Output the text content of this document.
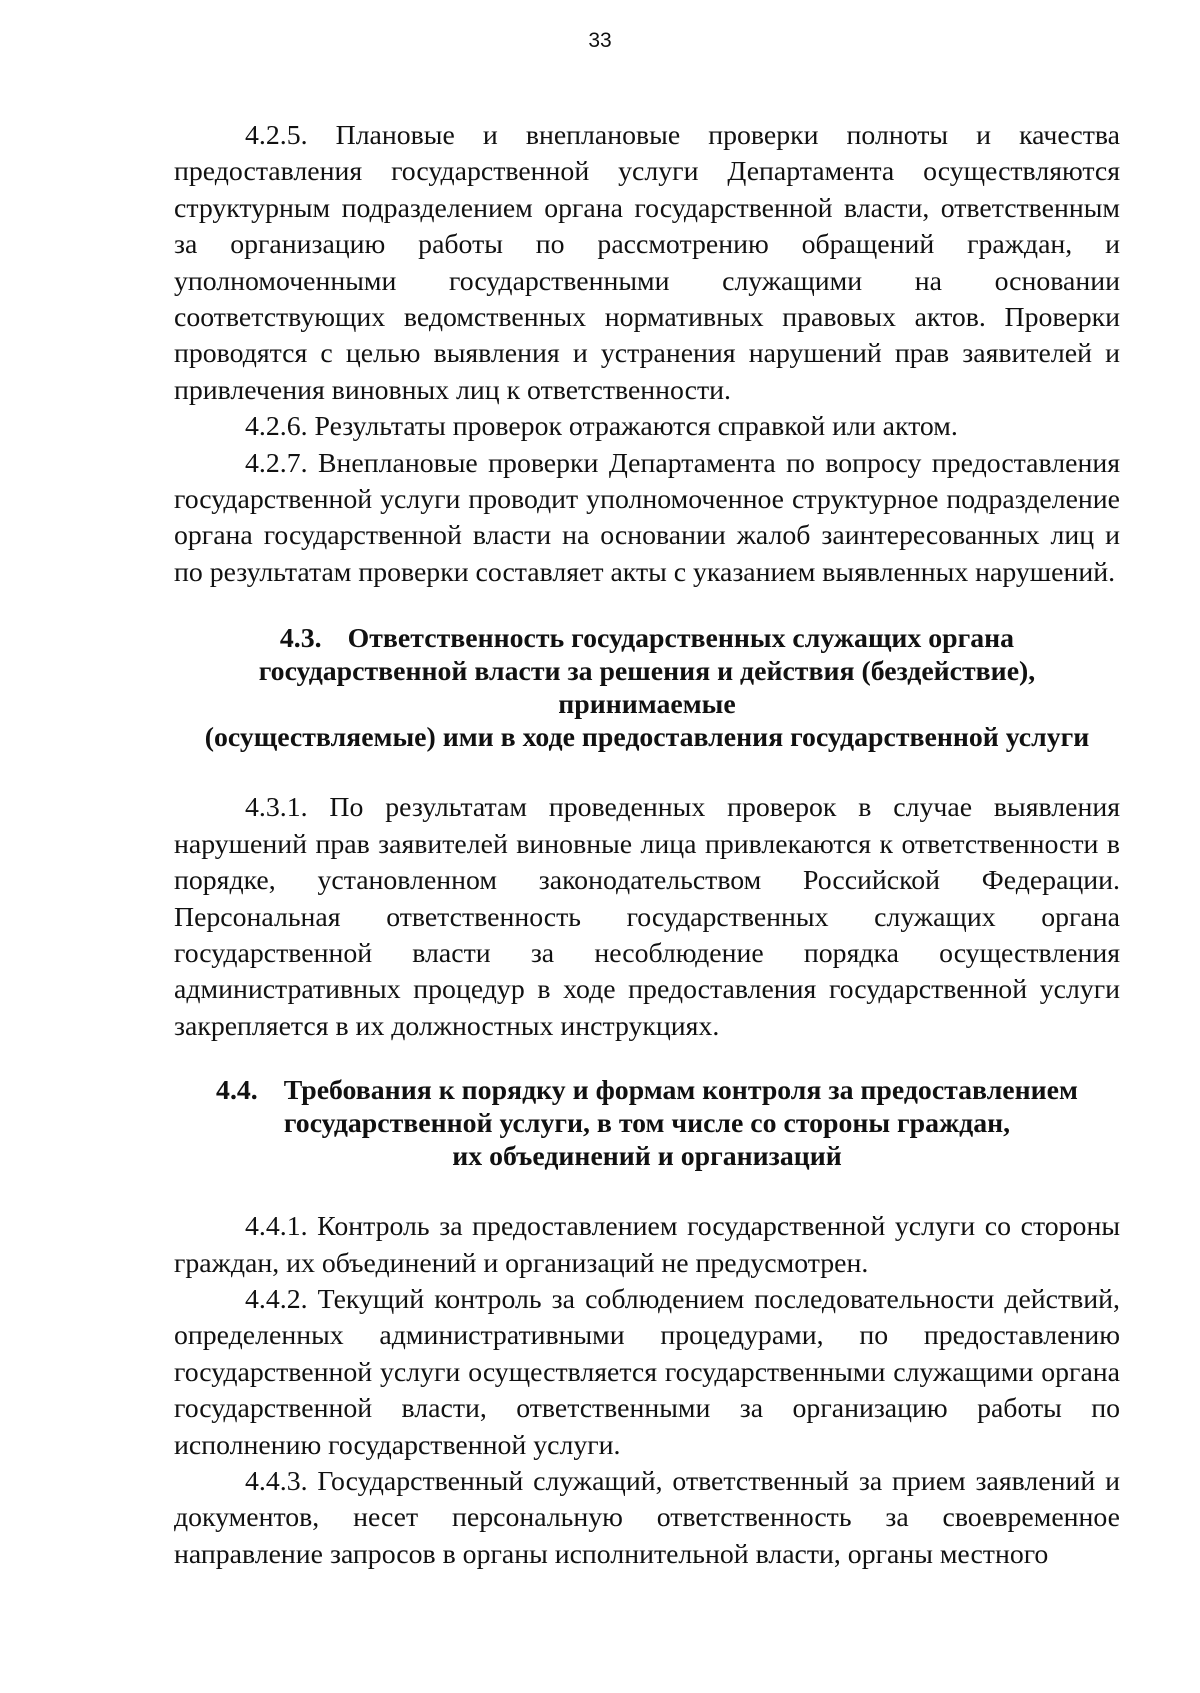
33

4.2.5. Плановые и внеплановые проверки полноты и качества предоставления государственной услуги Департамента осуществляются структурным подразделением органа государственной власти, ответственным за организацию работы по рассмотрению обращений граждан, и уполномоченными государственными служащими на основании соответствующих ведомственных нормативных правовых актов. Проверки проводятся с целью выявления и устранения нарушений прав заявителей и привлечения виновных лиц к ответственности.

4.2.6. Результаты проверок отражаются справкой или актом.

4.2.7. Внеплановые проверки Департамента по вопросу предоставления государственной услуги проводит уполномоченное структурное подразделение органа государственной власти на основании жалоб заинтересованных лиц и по результатам проверки составляет акты с указанием выявленных нарушений.

4.3. Ответственность государственных служащих органа
государственной власти за решения и действия (бездействие), принимаемые
(осуществляемые) ими в ходе предоставления государственной услуги

4.3.1. По результатам проведенных проверок в случае выявления нарушений прав заявителей виновные лица привлекаются к ответственности в порядке, установленном законодательством Российской Федерации. Персональная ответственность государственных служащих органа государственной власти за несоблюдение порядка осуществления административных процедур в ходе предоставления государственной услуги закрепляется в их должностных инструкциях.

4.4. Требования к порядку и формам контроля за предоставлением
государственной услуги, в том числе со стороны граждан,
их объединений и организаций

4.4.1. Контроль за предоставлением государственной услуги со стороны граждан, их объединений и организаций не предусмотрен.

4.4.2. Текущий контроль за соблюдением последовательности действий, определенных административными процедурами, по предоставлению государственной услуги осуществляется государственными служащими органа государственной власти, ответственными за организацию работы по исполнению государственной услуги.

4.4.3. Государственный служащий, ответственный за прием заявлений и документов, несет персональную ответственность за своевременное направление запросов в органы исполнительной власти, органы местного
